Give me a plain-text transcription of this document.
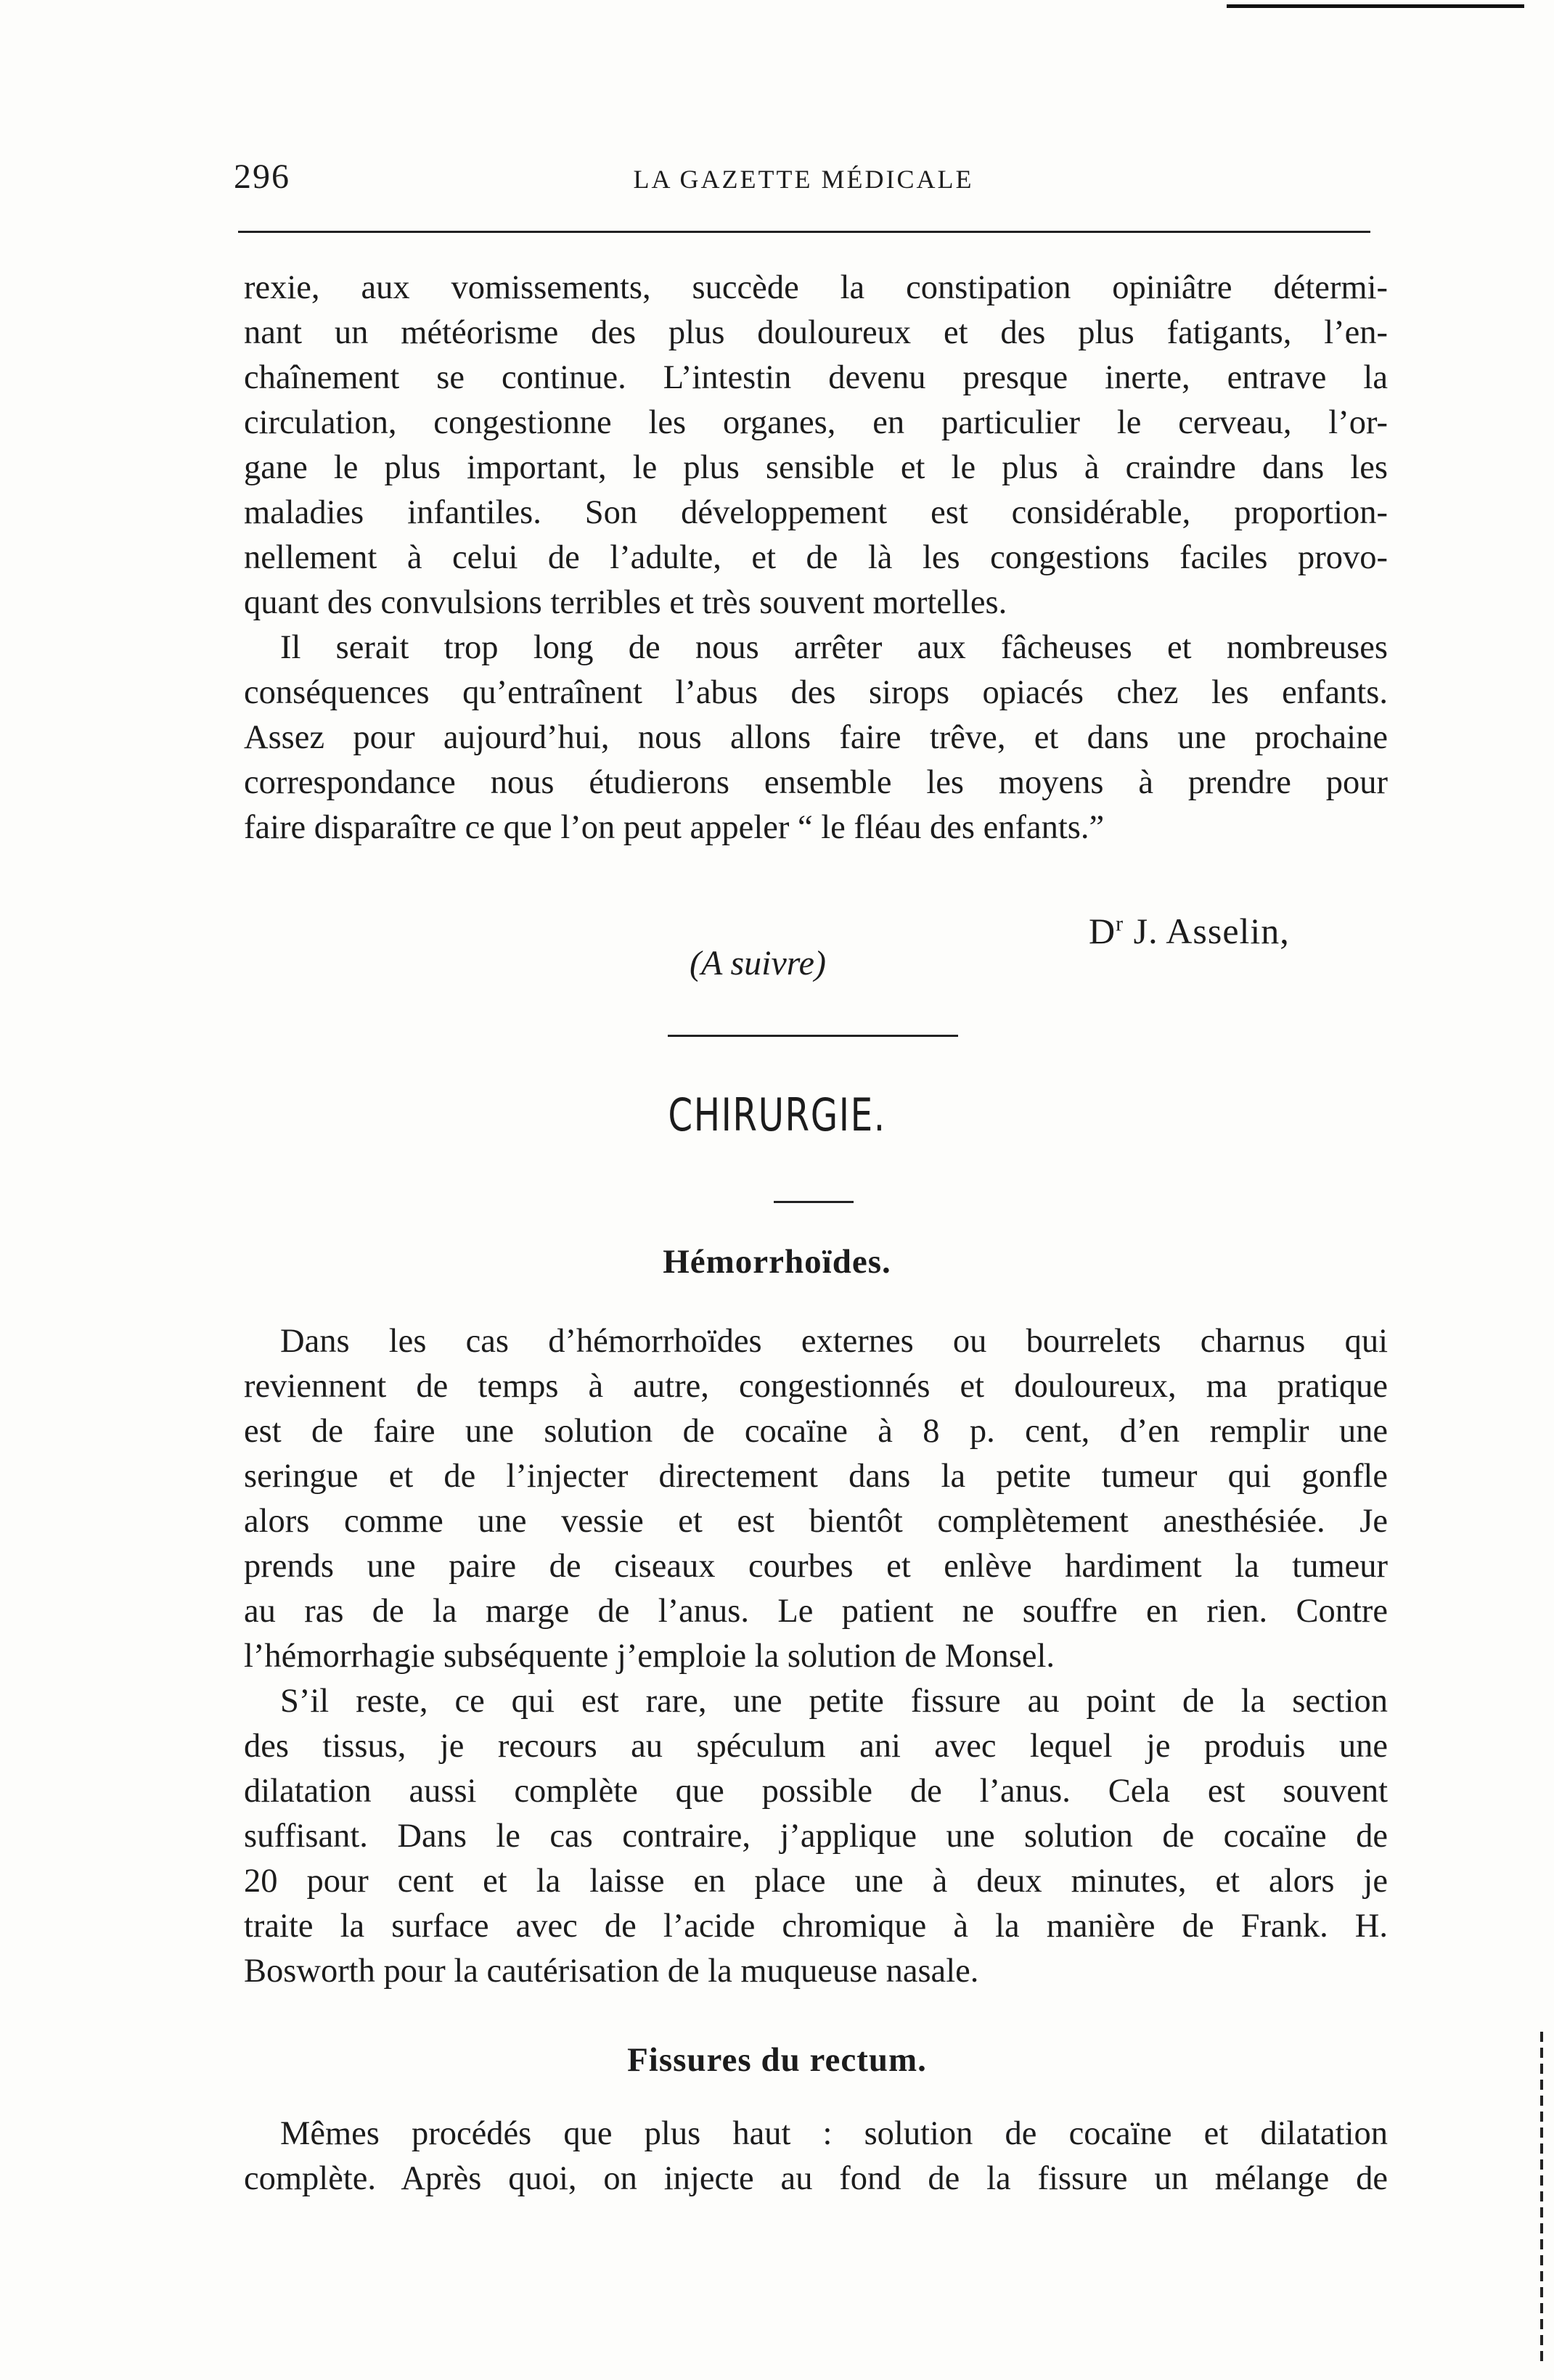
296	LA GAZETTE MÉDICALE
rexie, aux vomissements, succède la constipation opiniâtre détermi-
nant un météorisme des plus douloureux et des plus fatigants, l’en-
chaînement se continue. L’intestin devenu presque inerte, entrave la
circulation, congestionne les organes, en particulier le cerveau, l’or-
gane le plus important, le plus sensible et le plus à craindre dans les
maladies infantiles. Son développement est considérable, proportion-
nellement à celui de l’adulte, et de là les congestions faciles provo-
quant des convulsions terribles et très souvent mortelles.
Il serait trop long de nous arrêter aux fâcheuses et nombreuses
conséquences qu’entraînent l’abus des sirops opiacés chez les enfants.
Assez pour aujourd’hui, nous allons faire trêve, et dans une prochaine
correspondance nous étudierons ensemble les moyens à prendre pour
faire disparaître ce que l’on peut appeler “ le fléau des enfants.”
$D^r$ J. Asselin,
(A suivre)
CHIRURGIE.
Hémorrhoïdes.
Dans les cas d’hémorrhoïdes externes ou bourrelets charnus qui
reviennent de temps à autre, congestionnés et douloureux, ma pratique
est de faire une solution de cocaïne à 8 p. cent, d’en remplir une
seringue et de l’injecter directement dans la petite tumeur qui gonfle
alors comme une vessie et est bientôt complètement anesthésiée. Je
prends une paire de ciseaux courbes et enlève hardiment la tumeur
au ras de la marge de l’anus. Le patient ne souffre en rien. Contre
l’hémorrhagie subséquente j’emploie la solution de Monsel.
S’il reste, ce qui est rare, une petite fissure au point de la section
des tissus, je recours au spéculum ani avec lequel je produis une
dilatation aussi complète que possible de l’anus. Cela est souvent
suffisant. Dans le cas contraire, j’applique une solution de cocaïne de
20 pour cent et la laisse en place une à deux minutes, et alors je
traite la surface avec de l’acide chromique à la manière de Frank. H.
Bosworth pour la cautérisation de la muqueuse nasale.
Fissures du rectum.
Mêmes procédés que plus haut : solution de cocaïne et dilatation
complète. Après quoi, on injecte au fond de la fissure un mélange de
